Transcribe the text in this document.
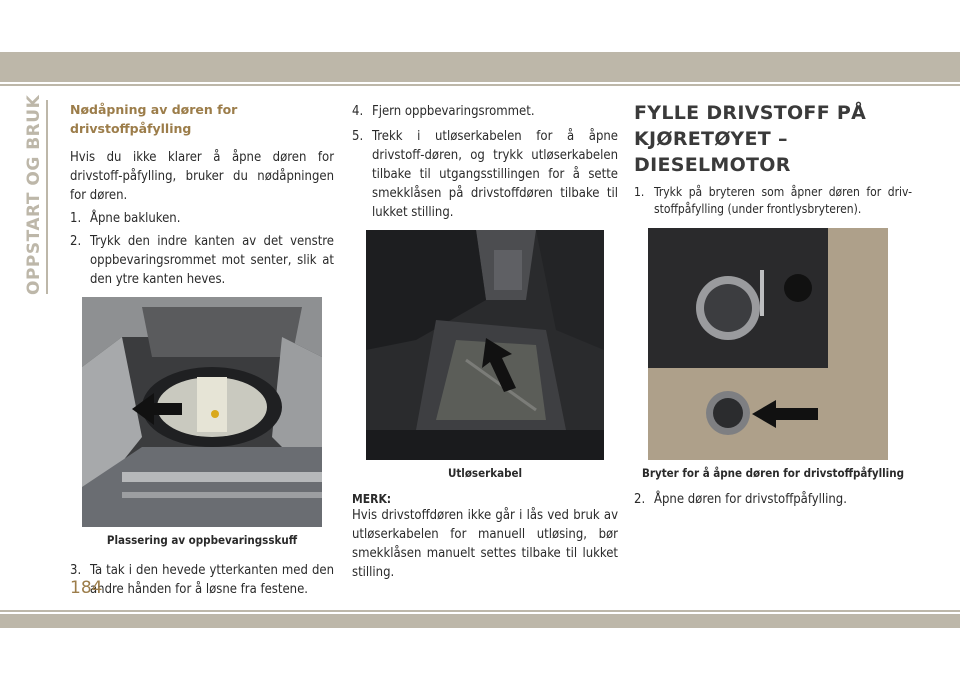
OPPSTART OG BRUK Nødåpning av døren for drivstoffpåfylling

Hvis du ikke klarer å åpne døren for drivstoff-påfylling, bruker du nødåpningen for døren.

1. Åpne bakluken.
2. Trykk den indre kanten av det venstre oppbevaringsrommet mot senter, slik at den ytre kanten heves.
Plassering av oppbevaringsskuff
3. Ta tak i den hevede ytterkanten med den andre hånden for å løsne fra festene.
4. Fjern oppbevaringsrommet.
5. Trekk i utløserkabelen for å åpne drivstoff-døren, og trykk utløserkabelen tilbake til utgangsstillingen for å sette smekklåsen på drivstoffdøren tilbake til lukket stilling.
Utløserkabel
MERK:

Hvis drivstoffdøren ikke går i lås ved bruk av utløserkabelen for manuell utløsing, bør smekklåsen manuelt settes tilbake til lukket stilling.

FYLLE DRIVSTOFF PÅ KJØRETØYET – DIESELMOTOR
1. Trykk på bryteren som åpner døren for driv-stoffpåfylling (under frontlysbryteren).
Bryter for å åpne døren for drivstoffpåfylling
2. Åpne døren for drivstoffpåfylling.
184
